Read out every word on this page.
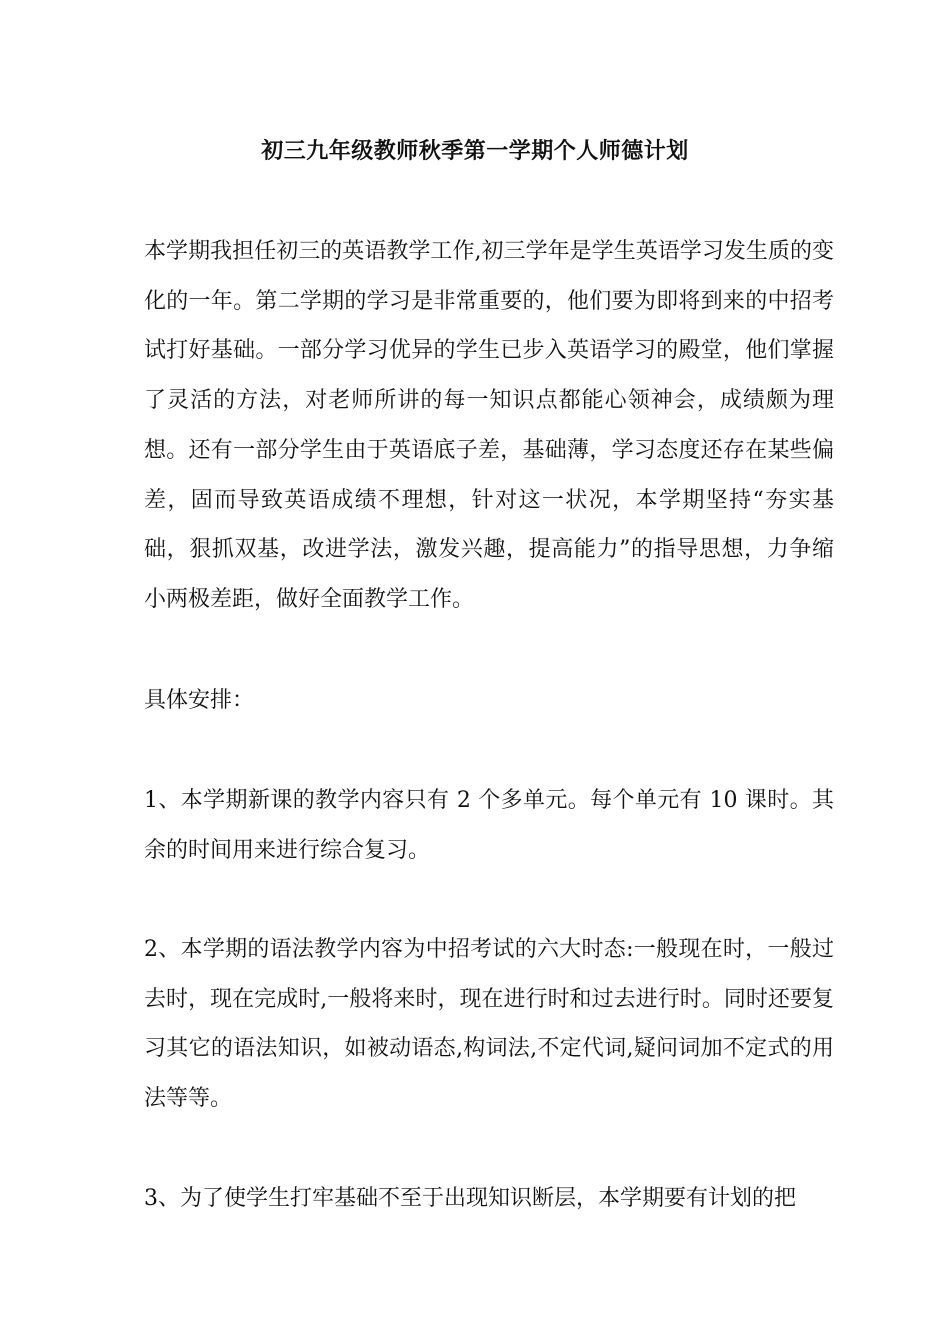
初三九年级教师秋季第一学期个人师德计划

本学期我担任初三的英语教学工作,初三学年是学生英语学习发生质的变化的一年。第二学期的学习是非常重要的，他们要为即将到来的中招考试打好基础。一部分学习优异的学生已步入英语学习的殿堂，他们掌握了灵活的方法，对老师所讲的每一知识点都能心领神会，成绩颇为理想。还有一部分学生由于英语底子差，基础薄，学习态度还存在某些偏差，固而导致英语成绩不理想，针对这一状况，本学期坚持“夯实基础，狠抓双基，改进学法，激发兴趣，提高能力”的指导思想，力争缩小两极差距，做好全面教学工作。

具体安排：

1、本学期新课的教学内容只有 2 个多单元。每个单元有 10 课时。其余的时间用来进行综合复习。

2、本学期的语法教学内容为中招考试的六大时态:一般现在时，一般过去时，现在完成时,一般将来时，现在进行时和过去进行时。同时还要复习其它的语法知识，如被动语态,构词法,不定代词,疑问词加不定式的用法等等。

3、为了使学生打牢基础不至于出现知识断层，本学期要有计划的把
